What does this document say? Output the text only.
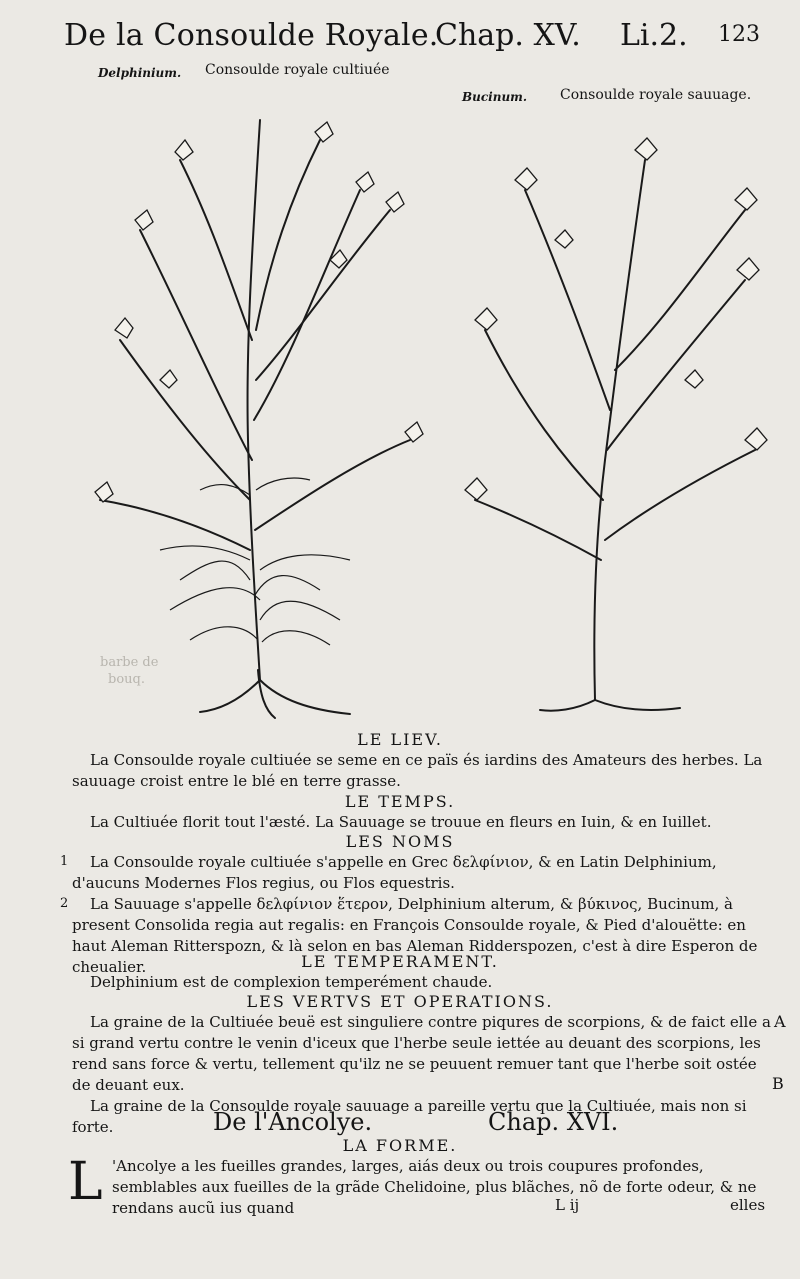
De la Consoulde Royale.
Chap. XV. Li.2. 123
Delphinium. Consoulde royale cultiuée
Bucinum. Consoulde royale sauuage.
barbe de
bouq.
LE LIEV.

La Consoulde royale cultiuée se seme en ce païs és iardins des Amateurs des herbes. La sauuage croist entre le blé en terre grasse.

LE TEMPS.

La Cultiuée florit tout l'æsté. La Sauuage se trouue en fleurs en Iuin, & en Iuillet.

LES NOMS
1	La Consoulde royale cultiuée s'appelle en Grec δελφίνιον, & en Latin Delphinium, d'aucuns Modernes Flos regius, ou Flos equestris.

2	La Sauuage s'appelle δελφίνιον ἕτερον, Delphinium alterum, & βύκινος, Bucinum, à present Consolida regia aut regalis: en François Consoulde royale, & Pied d'alouëtte: en haut Aleman Ritterspozn, & là selon en bas Aleman Ridderspozen, c'est à dire Esperon de cheualier.	LE TEMPERAMENT.

Delphinium est de complexion temperément chaude.

LES VERTVS ET OPERATIONS.

La graine de la Cultiuée beuë est singuliere contre piqures de scorpions, & de faict elle a si grand vertu contre le venin d'iceux que l'herbe seule iettée au deuant des scorpions, les rend sans force & vertu, tellement qu'ilz ne se peuuent remuer tant que l'herbe soit ostée de deuant eux.

La graine de la Consoulde royale sauuage a pareille vertu que la Cultiuée, mais non si forte.

A
B
De l'Ancolye.	Chap. XVI.
LA FORME.
L 'Ancolye a les fueilles grandes, larges, aiás deux ou trois coupures profondes, semblables aux fueilles de la grãde Chelidoine, plus blãches, nõ de forte odeur, & ne rendans aucũ ius quand	L ij	elles
